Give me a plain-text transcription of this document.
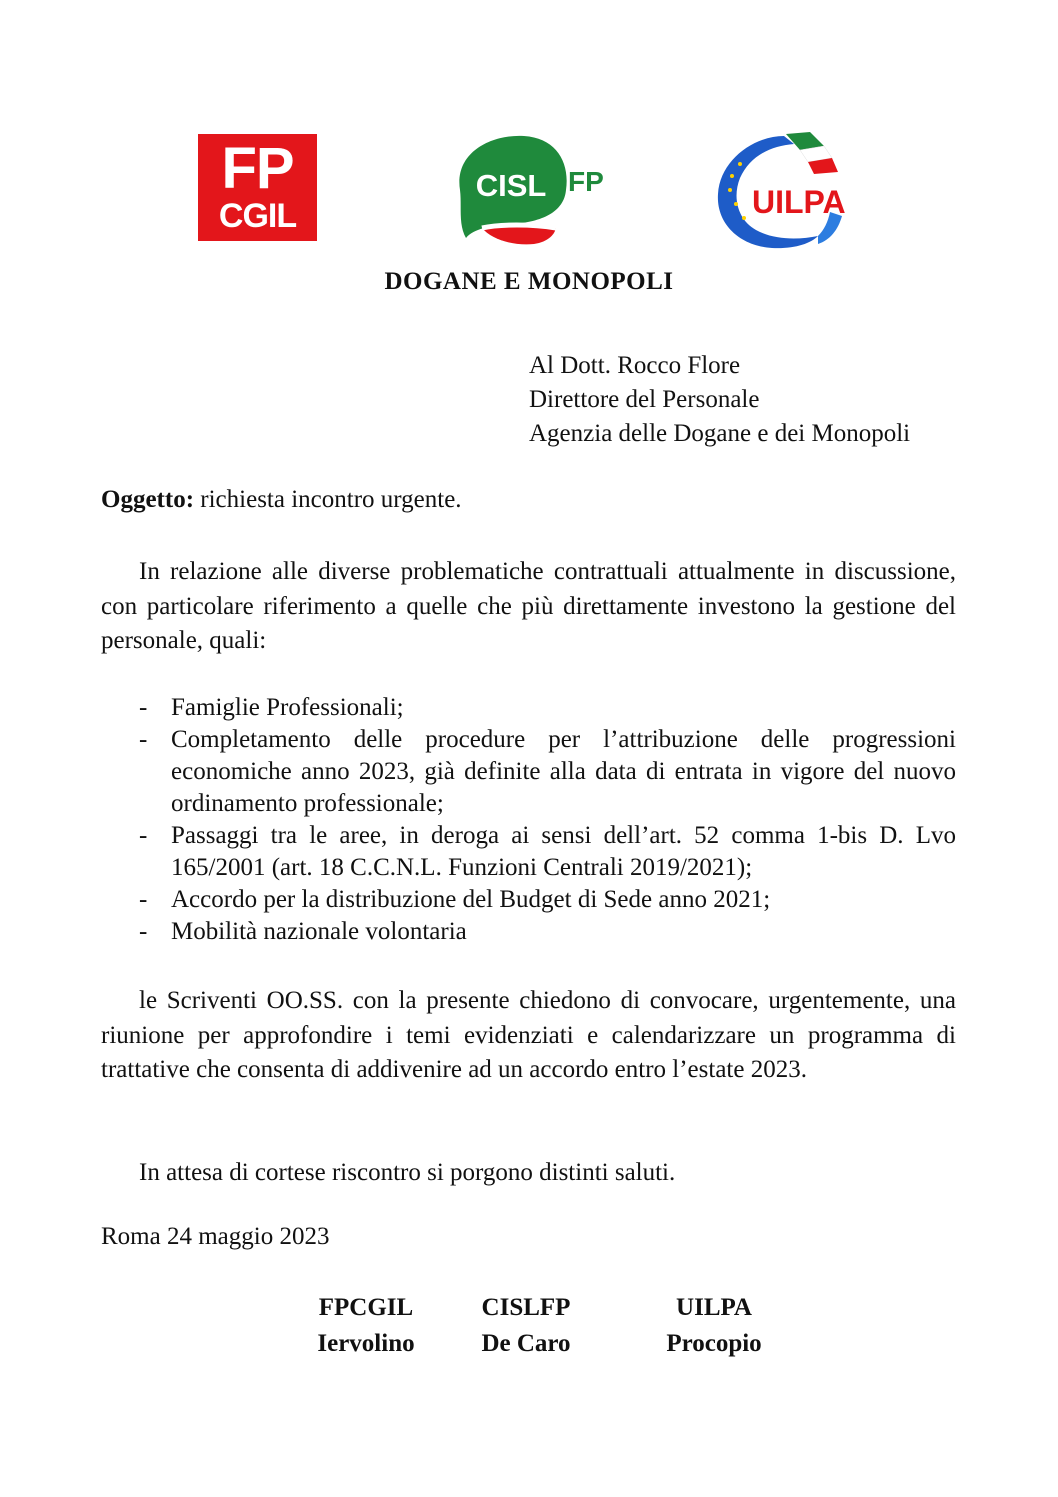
FP
CGIL
CISL FP
UILPA
DOGANE E MONOPOLI
Al Dott. Rocco Flore
Direttore del Personale
Agenzia delle Dogane e dei Monopoli
Oggetto: richiesta incontro urgente.
In relazione alle diverse problematiche contrattuali attualmente in discussione, con particolare riferimento a quelle che più direttamente investono la gestione del personale, quali:
- Famiglie Professionali;
- Completamento delle procedure per l’attribuzione delle progressioni economiche anno 2023, già definite alla data di entrata in vigore del nuovo ordinamento professionale;
- Passaggi tra le aree, in deroga ai sensi dell’art. 52 comma 1-bis D. Lvo 165/2001 (art. 18 C.C.N.L. Funzioni Centrali 2019/2021);
- Accordo per la distribuzione del Budget di Sede anno 2021;
- Mobilità nazionale volontaria
le Scriventi OO.SS. con la presente chiedono di convocare, urgentemente, una riunione per approfondire i temi evidenziati e calendarizzare un programma di trattative che consenta di addivenire ad un accordo entro l’estate 2023.
In attesa di cortese riscontro si porgono distinti saluti.
Roma 24 maggio 2023
FPCGIL
Iervolino
CISLFP
De Caro
UILPA
Procopio
